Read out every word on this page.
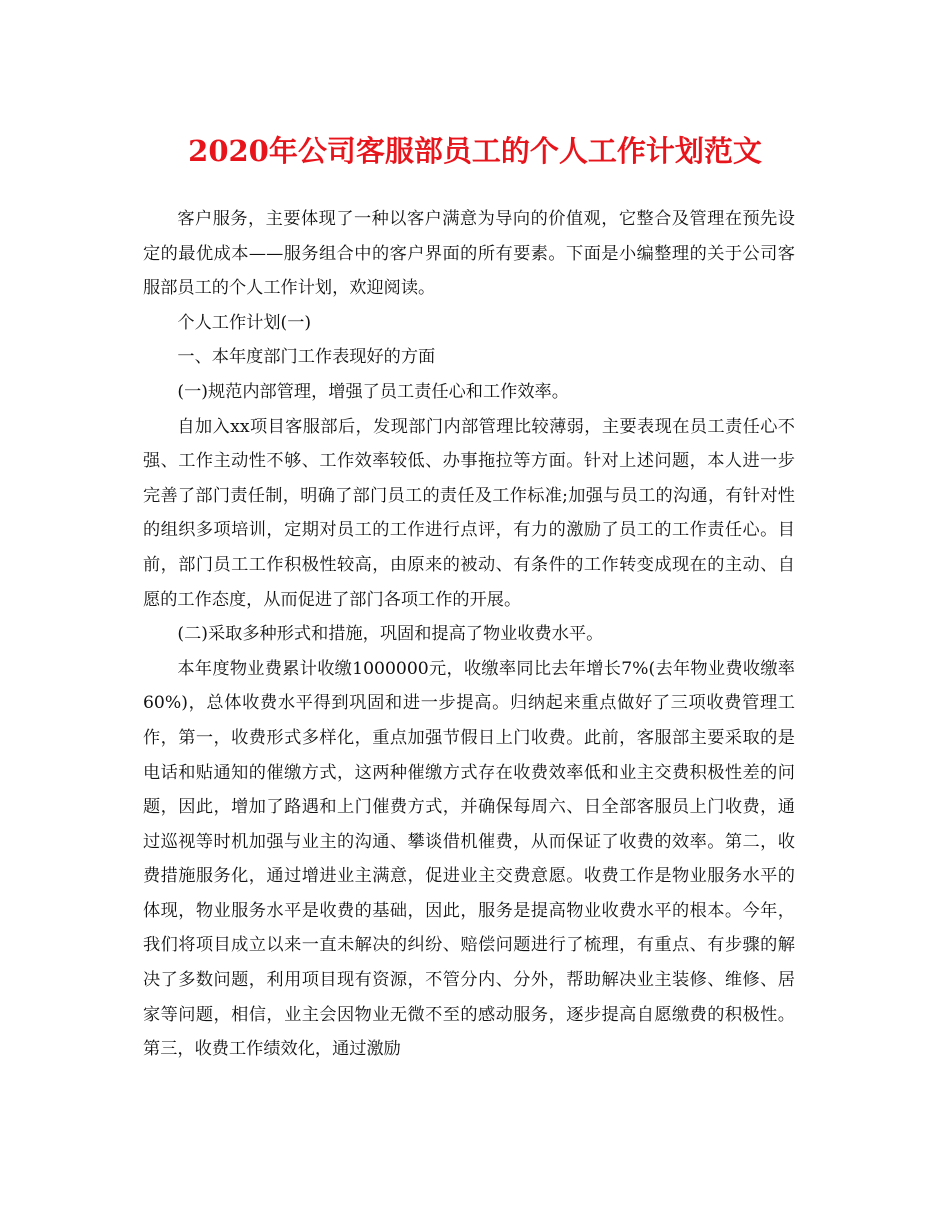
2020年公司客服部员工的个人工作计划范文

客户服务，主要体现了一种以客户满意为导向的价值观，它整合及管理在预先设定的最优成本——服务组合中的客户界面的所有要素。下面是小编整理的关于公司客服部员工的个人工作计划，欢迎阅读。

个人工作计划(一)

一、本年度部门工作表现好的方面

(一)规范内部管理，增强了员工责任心和工作效率。

自加入xx项目客服部后，发现部门内部管理比较薄弱，主要表现在员工责任心不强、工作主动性不够、工作效率较低、办事拖拉等方面。针对上述问题，本人进一步完善了部门责任制，明确了部门员工的责任及工作标准;加强与员工的沟通，有针对性的组织多项培训，定期对员工的工作进行点评，有力的激励了员工的工作责任心。目前，部门员工工作积极性较高，由原来的被动、有条件的工作转变成现在的主动、自愿的工作态度，从而促进了部门各项工作的开展。

(二)采取多种形式和措施，巩固和提高了物业收费水平。

本年度物业费累计收缴1000000元，收缴率同比去年增长7%(去年物业费收缴率60%)，总体收费水平得到巩固和进一步提高。归纳起来重点做好了三项收费管理工作，第一，收费形式多样化，重点加强节假日上门收费。此前，客服部主要采取的是电话和贴通知的催缴方式，这两种催缴方式存在收费效率低和业主交费积极性差的问题，因此，增加了路遇和上门催费方式，并确保每周六、日全部客服员上门收费，通过巡视等时机加强与业主的沟通、攀谈借机催费，从而保证了收费的效率。第二，收费措施服务化，通过增进业主满意，促进业主交费意愿。收费工作是物业服务水平的体现，物业服务水平是收费的基础，因此，服务是提高物业收费水平的根本。今年，我们将项目成立以来一直未解决的纠纷、赔偿问题进行了梳理，有重点、有步骤的解决了多数问题，利用项目现有资源，不管分内、分外，帮助解决业主装修、维修、居家等问题，相信，业主会因物业无微不至的感动服务，逐步提高自愿缴费的积极性。第三，收费工作绩效化，通过激励
